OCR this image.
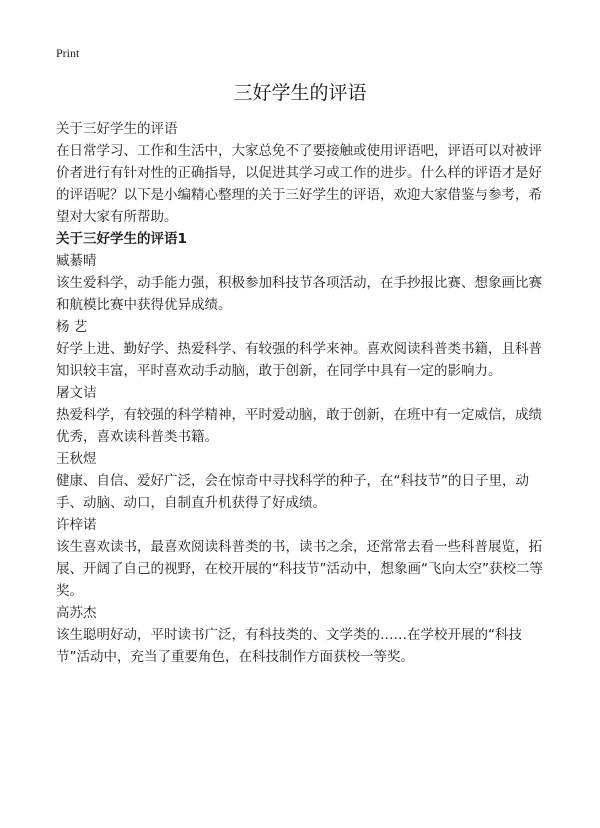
Print
三好学生的评语

关于三好学生的评语

在日常学习、工作和生活中，大家总免不了要接触或使用评语吧，评语可以对被评价者进行有针对性的正确指导，以促进其学习或工作的进步。什么样的评语才是好的评语呢？以下是小编精心整理的关于三好学生的评语，欢迎大家借鉴与参考，希望对大家有所帮助。

关于三好学生的评语1

臧綦晴

该生爱科学，动手能力强，积极参加科技节各项活动，在手抄报比赛、想象画比赛和航模比赛中获得优异成绩。

杨 艺

好学上进、勤好学、热爱科学、有较强的科学来神。喜欢阅读科普类书籍，且科普知识较丰富，平时喜欢动手动脑，敢于创新，在同学中具有一定的影响力。

屠文诘

热爱科学，有较强的科学精神，平时爱动脑，敢于创新，在班中有一定威信，成绩优秀，喜欢读科普类书籍。

王秋煜

健康、自信、爱好广泛，会在惊奇中寻找科学的种子，在“科技节”的日子里，动手、动脑、动口，自制直升机获得了好成绩。

许梓诺

该生喜欢读书，最喜欢阅读科普类的书，读书之余，还常常去看一些科普展览，拓展、开阔了自己的视野，在校开展的“科技节”活动中，想象画“飞向太空”获校二等奖。

高苏杰

该生聪明好动，平时读书广泛，有科技类的、文学类的……在学校开展的“科技节”活动中，充当了重要角色，在科技制作方面获校一等奖。
